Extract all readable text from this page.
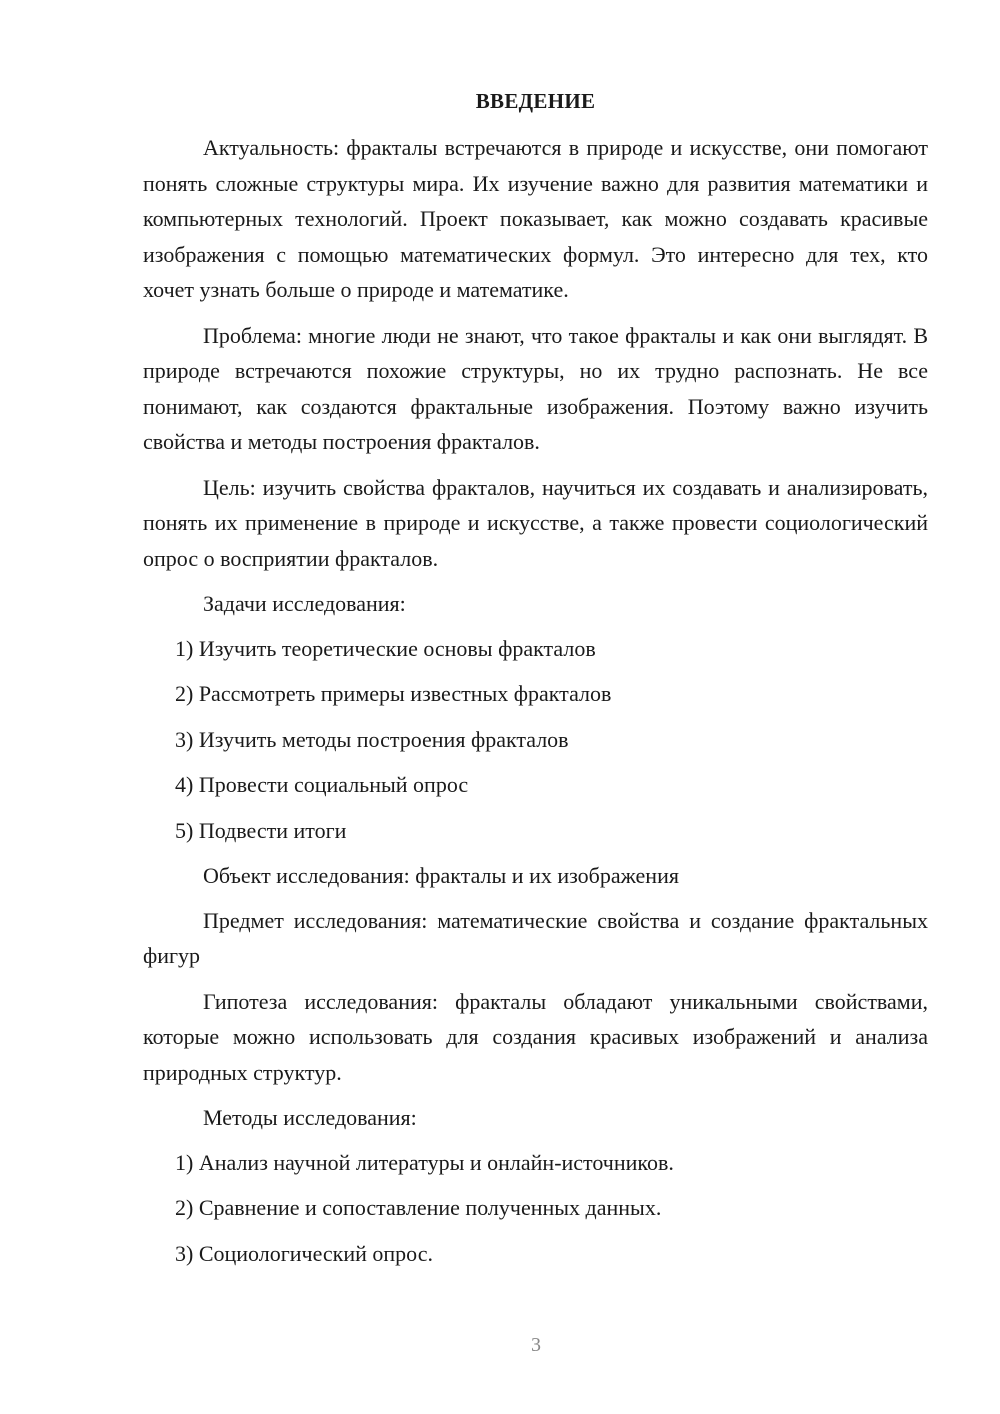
ВВЕДЕНИЕ

Актуальность: фракталы встречаются в природе и искусстве, они помогают понять сложные структуры мира. Их изучение важно для развития математики и компьютерных технологий. Проект показывает, как можно создавать красивые изображения с помощью математических формул. Это интересно для тех, кто хочет узнать больше о природе и математике.

Проблема: многие люди не знают, что такое фракталы и как они выглядят. В природе встречаются похожие структуры, но их трудно распознать. Не все понимают, как создаются фрактальные изображения. Поэтому важно изучить свойства и методы построения фракталов.

Цель: изучить свойства фракталов, научиться их создавать и анализировать, понять их применение в природе и искусстве, а также провести социологический опрос о восприятии фракталов.

Задачи исследования:

1) Изучить теоретические основы фракталов
2) Рассмотреть примеры известных фракталов
3) Изучить методы построения фракталов
4) Провести социальный опрос
5) Подвести итоги

Объект исследования: фракталы и их изображения

Предмет исследования: математические свойства и создание фрактальных фигур

Гипотеза исследования: фракталы обладают уникальными свойствами, которые можно использовать для создания красивых изображений и анализа природных структур.

Методы исследования:

1) Анализ научной литературы и онлайн-источников.
2) Сравнение и сопоставление полученных данных.
3) Социологический опрос.
3
